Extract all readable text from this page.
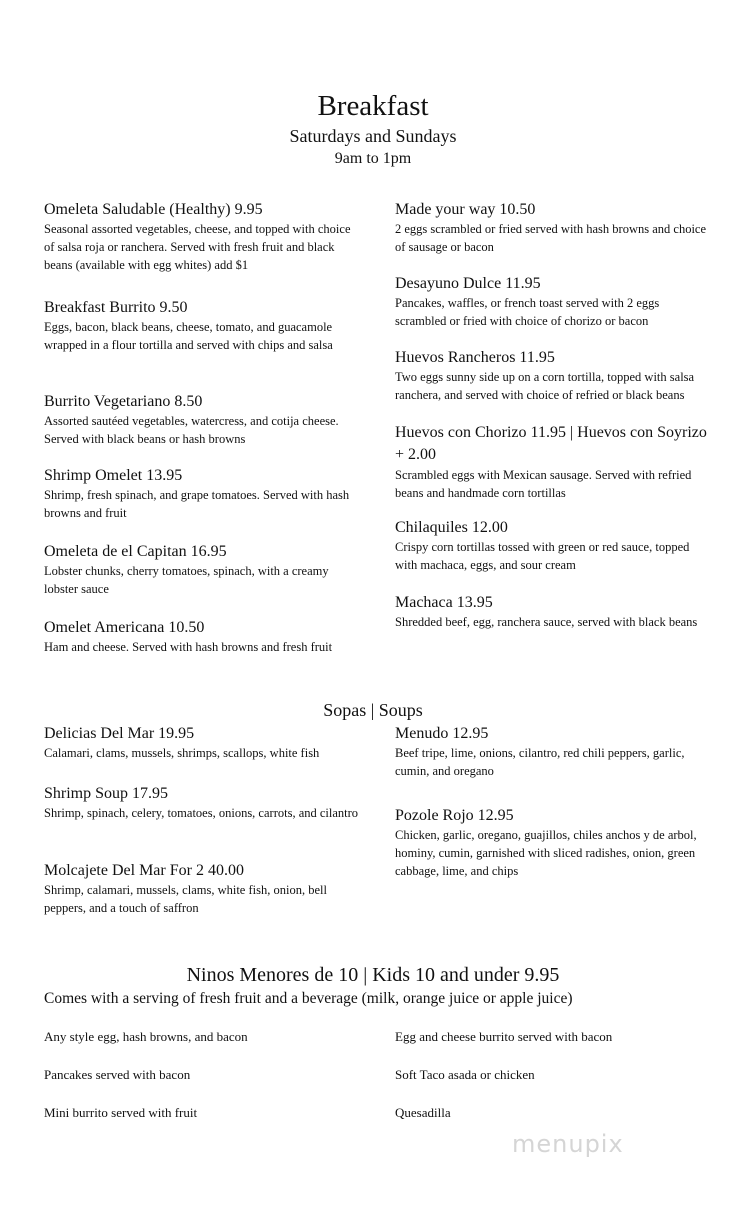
Breakfast
Saturdays and Sundays
9am to 1pm
Omeleta Saludable (Healthy) 9.95
Seasonal assorted vegetables, cheese, and topped with choice of salsa roja or ranchera. Served with fresh fruit and black beans (available with egg whites) add $1
Breakfast Burrito 9.50
Eggs, bacon, black beans, cheese, tomato, and guacamole wrapped in a flour tortilla and served with chips and salsa
Burrito Vegetariano 8.50
Assorted sautéed vegetables, watercress, and cotija cheese. Served with black beans or hash browns
Shrimp Omelet 13.95
Shrimp, fresh spinach, and grape tomatoes. Served with hash browns and fruit
Omeleta de el Capitan 16.95
Lobster chunks, cherry tomatoes, spinach, with a creamy lobster sauce
Omelet Americana 10.50
Ham and cheese. Served with hash browns and fresh fruit
Made your way 10.50
2 eggs scrambled or fried served with hash browns and choice of sausage or bacon
Desayuno Dulce 11.95
Pancakes, waffles, or french toast served with 2 eggs scrambled or fried with choice of chorizo or bacon
Huevos Rancheros 11.95
Two eggs sunny side up on a corn tortilla, topped with salsa ranchera, and served with choice of refried or black beans
Huevos con Chorizo 11.95 | Huevos con Soyrizo + 2.00
Scrambled eggs with Mexican sausage. Served with refried beans and handmade corn tortillas
Chilaquiles 12.00
Crispy corn tortillas tossed with green or red sauce, topped with machaca, eggs, and sour cream
Machaca 13.95
Shredded beef, egg, ranchera sauce, served with black beans
Sopas | Soups
Delicias Del Mar 19.95
Calamari, clams, mussels, shrimps, scallops, white fish
Shrimp Soup 17.95
Shrimp, spinach, celery, tomatoes, onions, carrots, and cilantro
Molcajete Del Mar For 2 40.00
Shrimp, calamari, mussels, clams, white fish, onion, bell peppers, and a touch of saffron
Menudo 12.95
Beef tripe, lime, onions, cilantro, red chili peppers, garlic, cumin, and oregano
Pozole Rojo 12.95
Chicken, garlic, oregano, guajillos, chiles anchos y de arbol, hominy, cumin, garnished with sliced radishes, onion, green cabbage, lime, and chips
Ninos Menores de 10 | Kids 10 and under 9.95
Comes with a serving of fresh fruit and a beverage (milk, orange juice or apple juice)
Any style egg, hash browns, and bacon
Pancakes served with bacon
Mini burrito served with fruit
Egg and cheese burrito served with bacon
Soft Taco asada or chicken
Quesadilla
menupix
